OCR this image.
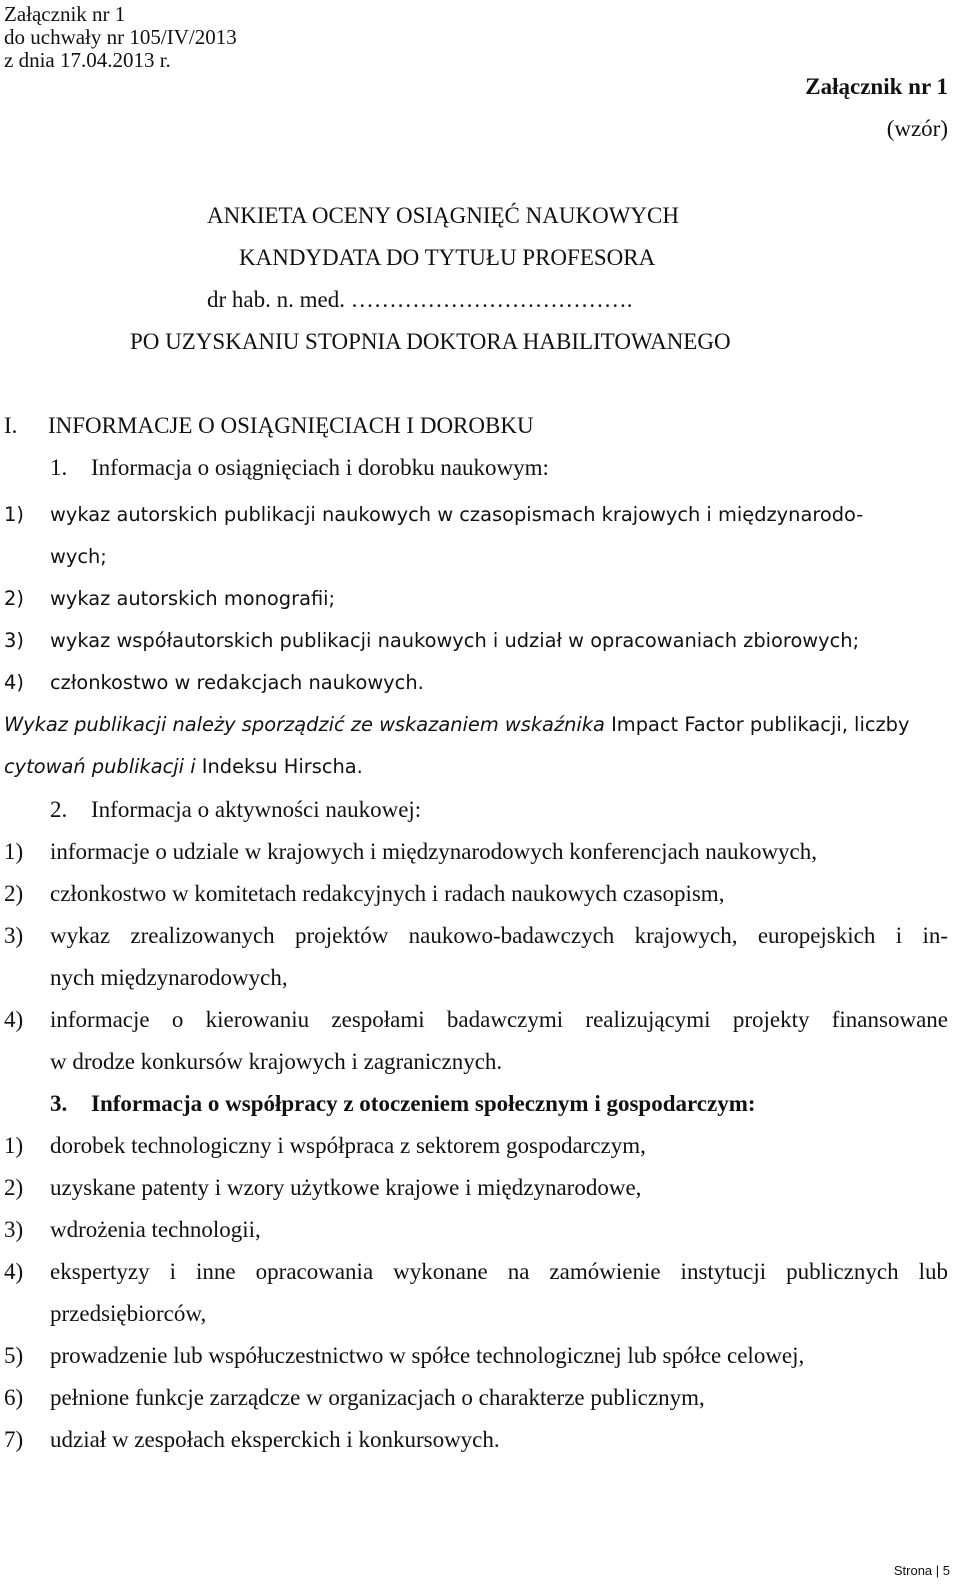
Załącznik nr 1
do uchwały nr 105/IV/2013
z dnia 17.04.2013 r.
Załącznik nr 1
(wzór)
ANKIETA OCENY OSIĄGNIĘĆ NAUKOWYCH
KANDYDATA DO TYTUŁU PROFESORA
dr hab. n. med. ……………………………….
PO UZYSKANIU STOPNIA DOKTORA HABILITOWANEGO
I. INFORMACJE O OSIĄGNIĘCIACH I DOROBKU
1. Informacja o osiągnięciach i dorobku naukowym:
1) wykaz autorskich publikacji naukowych w czasopismach krajowych i międzynarodo-
wych;
2) wykaz autorskich monografii;
3) wykaz współautorskich publikacji naukowych i udział w opracowaniach zbiorowych;
4) członkostwo w redakcjach naukowych.
Wykaz publikacji należy sporządzić ze wskazaniem wskaźnika Impact Factor publikacji, liczby
cytowań publikacji i Indeksu Hirscha.
2. Informacja o aktywności naukowej:
1) informacje o udziale w krajowych i międzynarodowych konferencjach naukowych,
2) członkostwo w komitetach redakcyjnych i radach naukowych czasopism,
3) wykaz zrealizowanych projektów naukowo-badawczych krajowych, europejskich i in-
nych międzynarodowych,
4) informacje o kierowaniu zespołami badawczymi realizującymi projekty finansowane
w drodze konkursów krajowych i zagranicznych.
3. Informacja o współpracy z otoczeniem społecznym i gospodarczym:
1) dorobek technologiczny i współpraca z sektorem gospodarczym,
2) uzyskane patenty i wzory użytkowe krajowe i międzynarodowe,
3) wdrożenia technologii,
4) ekspertyzy i inne opracowania wykonane na zamówienie instytucji publicznych lub
przedsiębiorców,
5) prowadzenie lub współuczestnictwo w spółce technologicznej lub spółce celowej,
6) pełnione funkcje zarządcze w organizacjach o charakterze publicznym,
7) udział w zespołach eksperckich i konkursowych.
Strona | 5
